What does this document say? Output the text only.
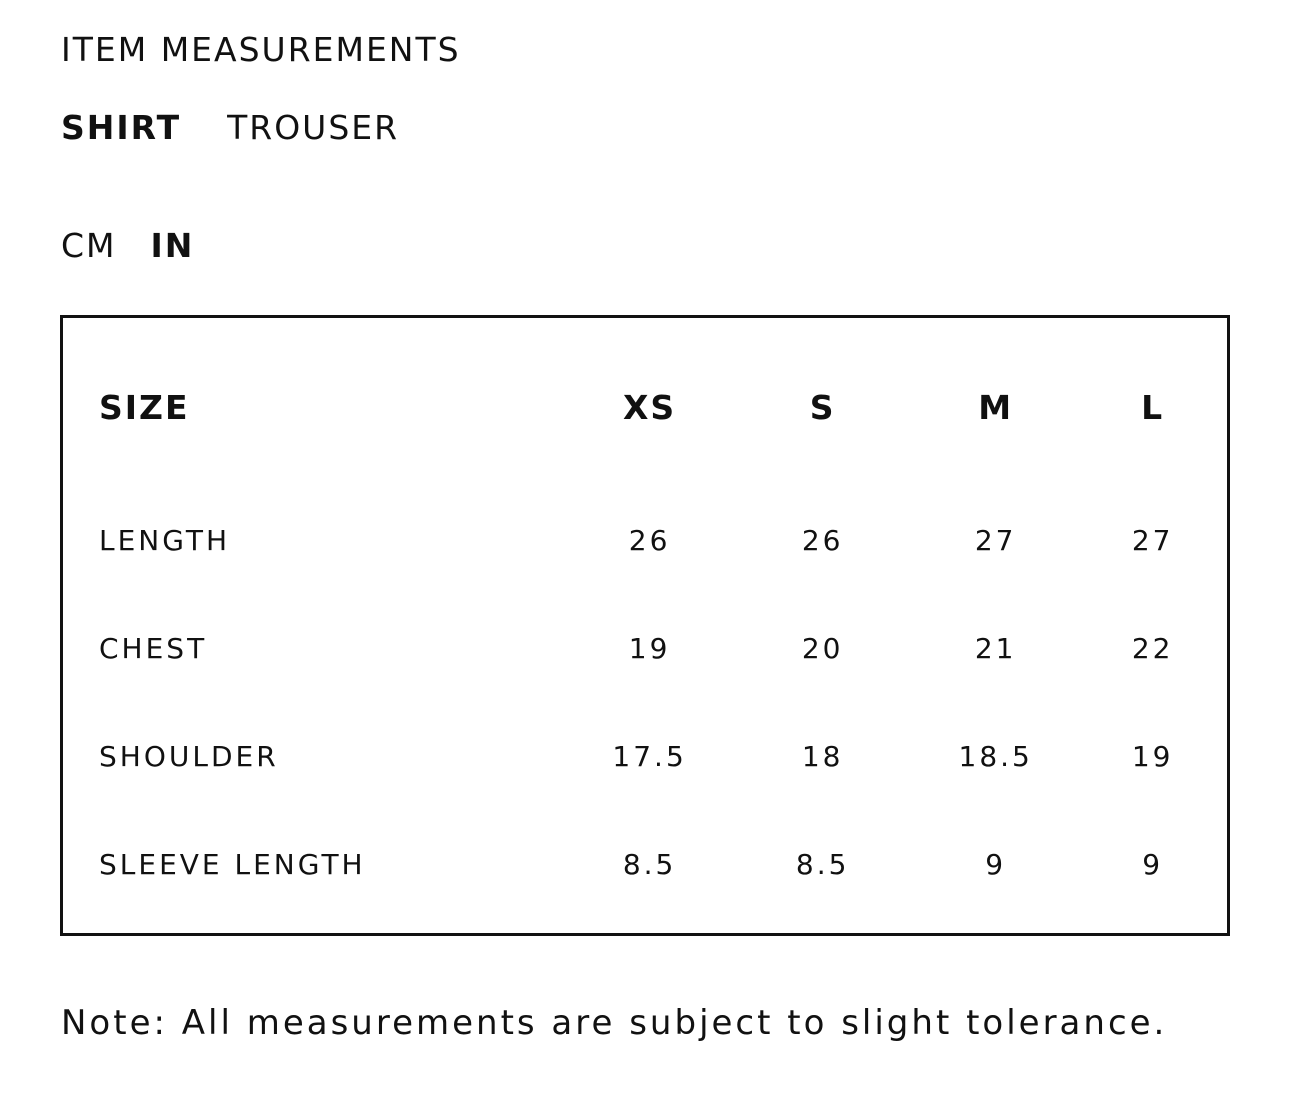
ITEM MEASUREMENTS
SHIRT TROUSER
CM IN
SIZE	XS	S	M	L
LENGTH	26	26	27	27
CHEST	19	20	21	22
SHOULDER	17.5	18	18.5	19
SLEEVE LENGTH	8.5	8.5	9	9
Note: All measurements are subject to slight tolerance.
